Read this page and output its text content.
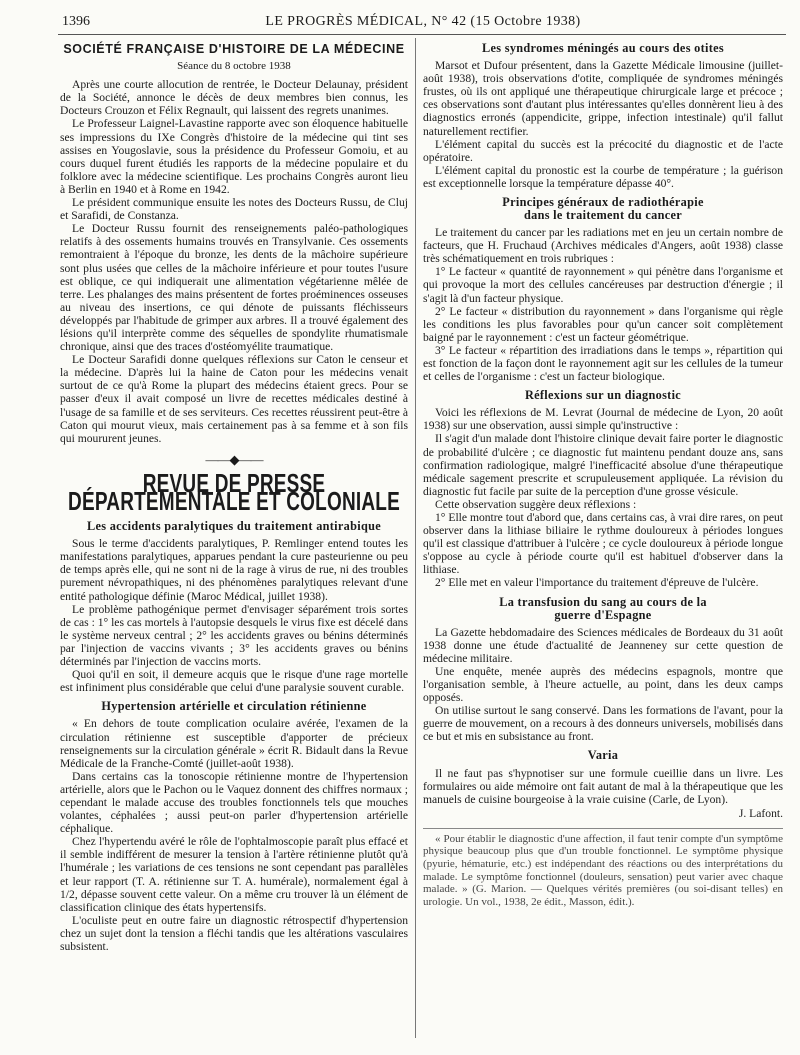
1396	LE PROGRÈS MÉDICAL, N° 42 (15 Octobre 1938)
SOCIÉTÉ FRANÇAISE D'HISTOIRE DE LA MÉDECINE
Séance du 8 octobre 1938

Après une courte allocution de rentrée, le Docteur Delaunay, président de la Société, annonce le décès de deux membres bien connus, les Docteurs Crouzon et Félix Regnault, qui laissent des regrets unanimes.

Le Professeur Laignel-Lavastine rapporte avec son éloquence habituelle ses impressions du IXe Congrès d'histoire de la médecine qui tint ses assises en Yougoslavie, sous la présidence du Professeur Gomoiu, et au cours duquel furent étudiés les rapports de la médecine populaire et du folklore avec la médecine scientifique. Les prochains Congrès auront lieu à Berlin en 1940 et à Rome en 1942.

Le président communique ensuite les notes des Docteurs Russu, de Cluj et Sarafidi, de Constanza.

Le Docteur Russu fournit des renseignements paléo-pathologiques relatifs à des ossements humains trouvés en Transylvanie. Ces ossements remontraient à l'époque du bronze, les dents de la mâchoire supérieure sont plus usées que celles de la mâchoire inférieure et pour toutes l'usure est oblique, ce qui indiquerait une alimentation végétarienne mêlée de terre. Les phalanges des mains présentent de fortes proéminences osseuses au niveau des insertions, ce qui dénote de puissants fléchisseurs développés par l'habitude de grimper aux arbres. Il a trouvé également des lésions qu'il interprète comme des séquelles de spondylite rhumatismale chronique, ainsi que des traces d'ostéomyélite traumatique.

Le Docteur Sarafidi donne quelques réflexions sur Caton le censeur et la médecine. D'après lui la haine de Caton pour les médecins venait surtout de ce qu'à Rome la plupart des médecins étaient grecs. Pour se passer d'eux il avait composé un livre de recettes médicales destiné à l'usage de sa famille et de ses serviteurs. Ces recettes réussirent peut-être à Caton qui mourut vieux, mais certainement pas à sa femme et à son fils qui moururent jeunes.

——◆——
REVUE DE PRESSE DÉPARTEMENTALE ET COLONIALE
Les accidents paralytiques du traitement antirabique

Sous le terme d'accidents paralytiques, P. Remlinger entend toutes les manifestations paralytiques, apparues pendant la cure pasteurienne ou peu de temps après elle, qui ne sont ni de la rage à virus de rue, ni des troubles purement névropathiques, ni des phénomènes paralytiques relevant d'une entité pathologique définie (Maroc Médical, juillet 1938).

Le problème pathogénique permet d'envisager séparément trois sortes de cas : 1° les cas mortels à l'autopsie desquels le virus fixe est décelé dans le système nerveux central ; 2° les accidents graves ou bénins déterminés par l'injection de vaccins vivants ; 3° les accidents graves ou bénins déterminés par l'injection de vaccins morts.

Quoi qu'il en soit, il demeure acquis que le risque d'une rage mortelle est infiniment plus considérable que celui d'une paralysie souvent curable.

Hypertension artérielle et circulation rétinienne

« En dehors de toute complication oculaire avérée, l'examen de la circulation rétinienne est susceptible d'apporter de précieux renseignements sur la circulation générale » écrit R. Bidault dans la Revue Médicale de la Franche-Comté (juillet-août 1938).

Dans certains cas la tonoscopie rétinienne montre de l'hypertension artérielle, alors que le Pachon ou le Vaquez donnent des chiffres normaux ; cependant le malade accuse des troubles fonctionnels tels que mouches volantes, céphalées ; aussi peut-on parler d'hypertension artérielle céphalique.

Chez l'hypertendu avéré le rôle de l'ophtalmoscopie paraît plus effacé et il semble indifférent de mesurer la tension à l'artère rétinienne plutôt qu'à l'humérale ; les variations de ces tensions ne sont cependant pas parallèles et leur rapport (T. A. rétinienne sur T. A. humérale), normalement égal à 1/2, dépasse souvent cette valeur. On a même cru trouver là un élément de classification clinique des états hypertensifs.

L'oculiste peut en outre faire un diagnostic rétrospectif d'hypertension chez un sujet dont la tension a fléchi tandis que les altérations vasculaires subsistent.

Les syndromes méningés au cours des otites

Marsot et Dufour présentent, dans la Gazette Médicale limousine (juillet-août 1938), trois observations d'otite, compliquée de syndromes méningés frustes, où ils ont appliqué une thérapeutique chirurgicale large et précoce ; ces observations sont d'autant plus intéressantes qu'elles donnèrent lieu à des diagnostics erronés (appendicite, grippe, infection intestinale) qu'il fallut naturellement rectifier.

L'élément capital du succès est la précocité du diagnostic et de l'acte opératoire.

L'élément capital du pronostic est la courbe de température ; la guérison est exceptionnelle lorsque la température dépasse 40°.

Principes généraux de radiothérapie
dans le traitement du cancer

Le traitement du cancer par les radiations met en jeu un certain nombre de facteurs, que H. Fruchaud (Archives médicales d'Angers, août 1938) classe très schématiquement en trois rubriques :

1° Le facteur « quantité de rayonnement » qui pénètre dans l'organisme et qui provoque la mort des cellules cancéreuses par destruction d'énergie ; il s'agit là d'un facteur physique.

2° Le facteur « distribution du rayonnement » dans l'organisme qui règle les conditions les plus favorables pour qu'un cancer soit complètement baigné par le rayonnement : c'est un facteur géométrique.

3° Le facteur « répartition des irradiations dans le temps », répartition qui est fonction de la façon dont le rayonnement agit sur les cellules de la tumeur et celles de l'organisme : c'est un facteur biologique.

Réflexions sur un diagnostic

Voici les réflexions de M. Levrat (Journal de médecine de Lyon, 20 août 1938) sur une observation, aussi simple qu'instructive :

Il s'agit d'un malade dont l'histoire clinique devait faire porter le diagnostic de probabilité d'ulcère ; ce diagnostic fut maintenu pendant douze ans, sans confirmation radiologique, malgré l'inefficacité absolue d'une thérapeutique médicale sagement prescrite et scrupuleusement appliquée. La révision du diagnostic fut facile par suite de la perception d'une grosse vésicule.

Cette observation suggère deux réflexions :

1° Elle montre tout d'abord que, dans certains cas, à vrai dire rares, on peut observer dans la lithiase biliaire le rythme douloureux à périodes longues qu'il est classique d'attribuer à l'ulcère ; ce cycle douloureux à période longue s'oppose au cycle à période courte qu'il est habituel d'observer dans la lithiase.

2° Elle met en valeur l'importance du traitement d'épreuve de l'ulcère.

La transfusion du sang au cours de la
guerre d'Espagne

La Gazette hebdomadaire des Sciences médicales de Bordeaux du 31 août 1938 donne une étude d'actualité de Jeanneney sur cette question de médecine militaire.

Une enquête, menée auprès des médecins espagnols, montre que l'organisation semble, à l'heure actuelle, au point, dans les deux camps opposés.

On utilise surtout le sang conservé. Dans les formations de l'avant, pour la guerre de mouvement, on a recours à des donneurs universels, mobilisés dans ce but et mis en subsistance au front.

Varia

Il ne faut pas s'hypnotiser sur une formule cueillie dans un livre. Les formulaires ou aide mémoire ont fait autant de mal à la thérapeutique que les manuels de cuisine bourgeoise à la vraie cuisine (Carle, de Lyon).

J. Lafont.

« Pour établir le diagnostic d'une affection, il faut tenir compte d'un symptôme physique beaucoup plus que d'un trouble fonctionnel. Le symptôme physique (pyurie, hématurie, etc.) est indépendant des réactions ou des interprétations du malade. Le symptôme fonctionnel (douleurs, sensation) peut varier avec chaque malade. » (G. Marion. — Quelques vérités premières (ou soi-disant telles) en urologie. Un vol., 1938, 2e édit., Masson, édit.).
